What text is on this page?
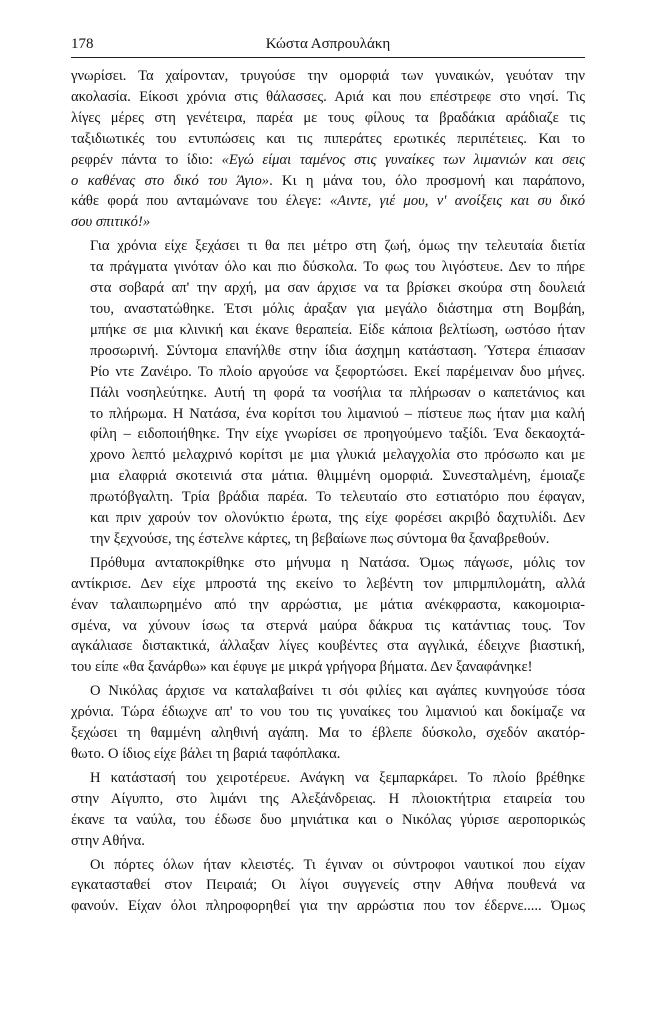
178	Κώστα Ασπρουλάκη

γνωρίσει. Τα χαίρονταν, τρυγούσε την ομορφιά των γυναικών, γευόταν την
ακολασία. Είκοσι χρόνια στις θάλασσες. Αριά και που επέστρεφε στο νησί. Τις
λίγες μέρες στη γενέτειρα, παρέα με τους φίλους τα βραδάκια αράδιαζε τις
ταξιδιωτικές του εντυπώσεις και τις πιπεράτες ερωτικές περιπέτειες. Και το
ρεφρέν πάντα το ίδιο: «Εγώ είμαι ταμένος στις γυναίκες των λιμανιών και σεις
ο καθένας στο δικό του Άγιο». Κι η μάνα του, όλο προσμονή και παράπονο,
κάθε φορά που ανταμώνανε του έλεγε: «Αιντε, γιέ μου, ν' ανοίξεις και συ δικό
σου σπιτικό!»

Για χρόνια είχε ξεχάσει τι θα πει μέτρο στη ζωή, όμως την τελευταία διετία
τα πράγματα γινόταν όλο και πιο δύσκολα. Το φως του λιγόστευε. Δεν το πήρε
στα σοβαρά απ' την αρχή, μα σαν άρχισε να τα βρίσκει σκούρα στη δουλειά
του, αναστατώθηκε. Έτσι μόλις άραξαν για μεγάλο διάστημα στη Βομβάη,
μπήκε σε μια κλινική και έκανε θεραπεία. Είδε κάποια βελτίωση, ωστόσο ήταν
προσωρινή. Σύντομα επανήλθε στην ίδια άσχημη κατάσταση. Ύστερα έπιασαν
Ρίο ντε Ζανέιρο. Το πλοίο αργούσε να ξεφορτώσει. Εκεί παρέμειναν δυο μήνες.
Πάλι νοσηλεύτηκε. Αυτή τη φορά τα νοσήλια τα πλήρωσαν ο καπετάνιος και
το πλήρωμα. Η Νατάσα, ένα κορίτσι του λιμανιού – πίστευε πως ήταν μια καλή
φίλη – ειδοποιήθηκε. Την είχε γνωρίσει σε προηγούμενο ταξίδι. Ένα δεκαοχτά-
χρονο λεπτό μελαχρινό κορίτσι με μια γλυκιά μελαγχολία στο πρόσωπο και με
μια ελαφριά σκοτεινιά στα μάτια. θλιμμένη ομορφιά. Συνεσταλμένη, έμοιαζε
πρωτόβγαλτη. Τρία βράδια παρέα. Το τελευταίο στο εστιατόριο που έφαγαν,
και πριν χαρούν τον ολονύκτιο έρωτα, της είχε φορέσει ακριβό δαχτυλίδι. Δεν
την ξεχνούσε, της έστελνε κάρτες, τη βεβαίωνε πως σύντομα θα ξαναβρεθούν.

Πρόθυμα ανταποκρίθηκε στο μήνυμα η Νατάσα. Όμως πάγωσε, μόλις τον
αντίκρισε. Δεν είχε μπροστά της εκείνο το λεβέντη τον μπιρμπιλομάτη, αλλά
έναν ταλαιπωρημένο από την αρρώστια, με μάτια ανέκφραστα, κακομοιρια-
σμένα, να χύνουν ίσως τα στερνά μαύρα δάκρυα τις κατάντιας τους. Τον
αγκάλιασε διστακτικά, άλλαξαν λίγες κουβέντες στα αγγλικά, έδειχνε βιαστική,
του είπε «θα ξανάρθω» και έφυγε με μικρά γρήγορα βήματα. Δεν ξαναφάνηκε!

Ο Νικόλας άρχισε να καταλαβαίνει τι σόι φιλίες και αγάπες κυνηγούσε τόσα
χρόνια. Τώρα έδιωχνε απ' το νου του τις γυναίκες του λιμανιού και δοκίμαζε να
ξεχώσει τη θαμμένη αληθινή αγάπη. Μα το έβλεπε δύσκολο, σχεδόν ακατόρ-
θωτο. Ο ίδιος είχε βάλει τη βαριά ταφόπλακα.

Η κατάστασή του χειροτέρευε. Ανάγκη να ξεμπαρκάρει. Το πλοίο βρέθηκε
στην Αίγυπτο, στο λιμάνι της Αλεξάνδρειας. Η πλοιοκτήτρια εταιρεία του
έκανε τα ναύλα, του έδωσε δυο μηνιάτικα και ο Νικόλας γύρισε αεροπορικώς
στην Αθήνα.

Οι πόρτες όλων ήταν κλειστές. Τι έγιναν οι σύντροφοι ναυτικοί που είχαν
εγκατασταθεί στον Πειραιά; Οι λίγοι συγγενείς στην Αθήνα πουθενά να
φανούν. Είχαν όλοι πληροφορηθεί για την αρρώστια που τον έδερνε..... Όμως
